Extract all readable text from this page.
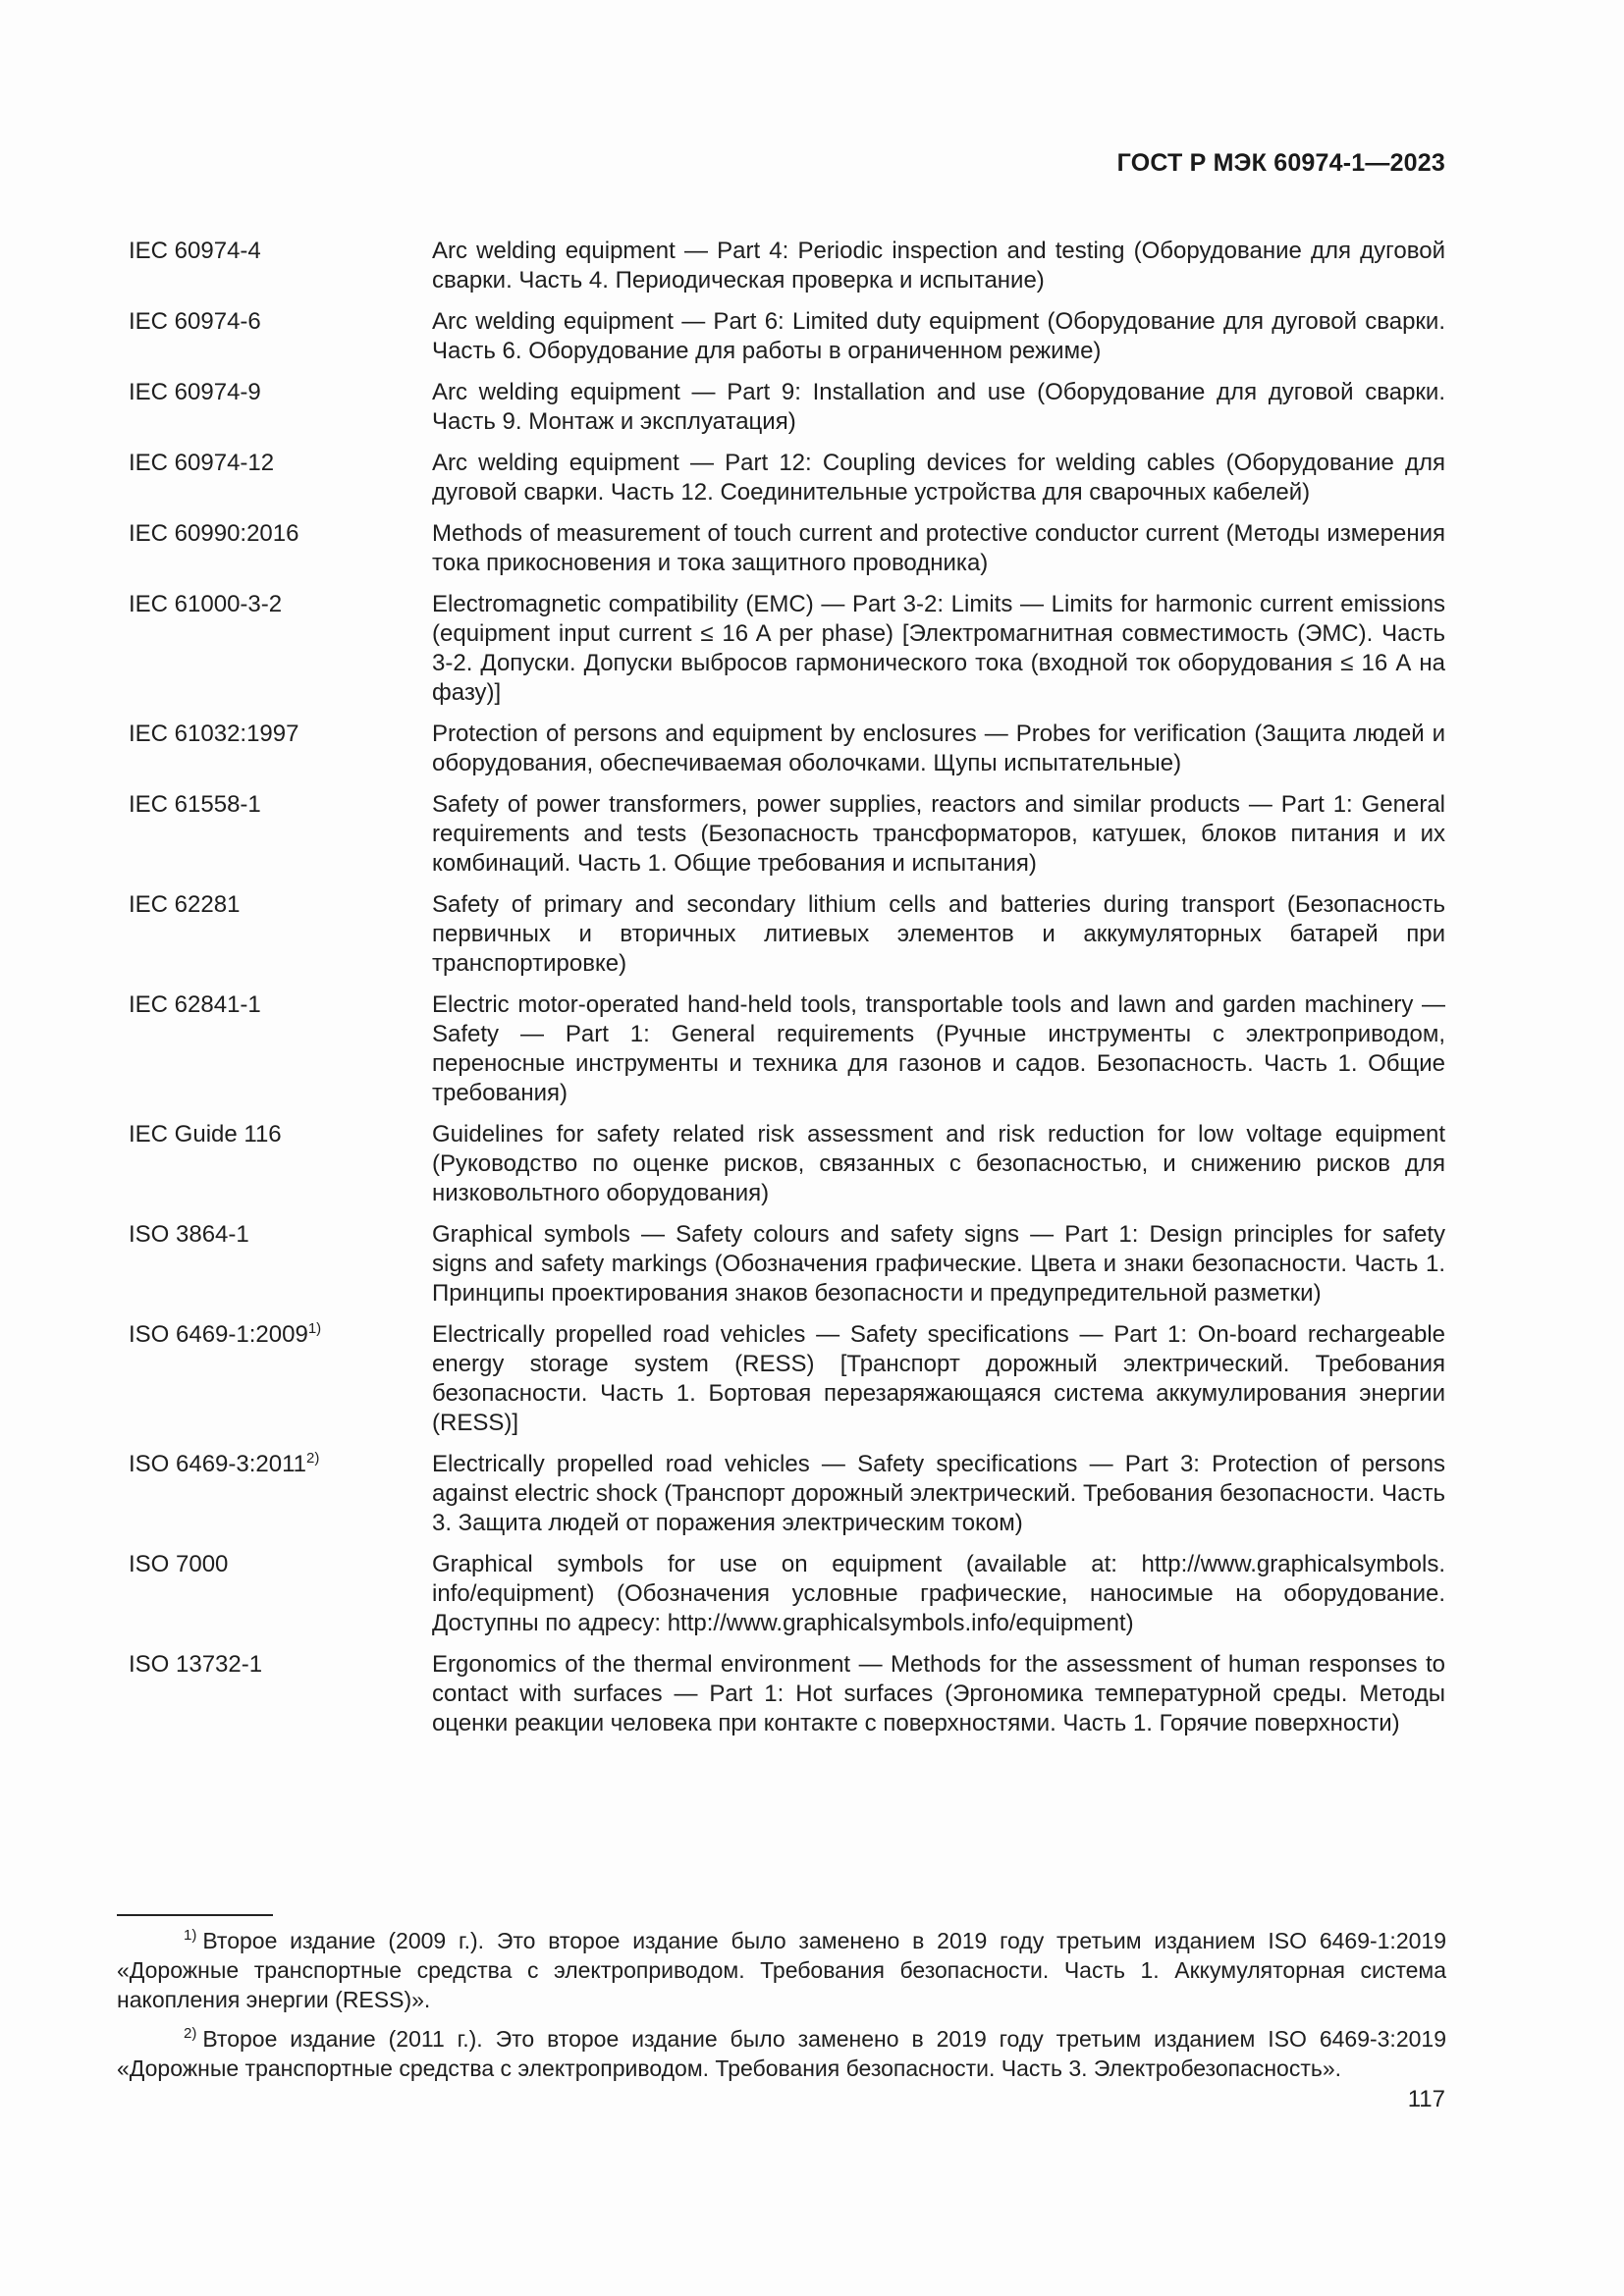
ГОСТ Р МЭК 60974-1—2023
IEC 60974-4	Arc welding equipment — Part 4: Periodic inspection and testing (Оборудование для дуговой сварки. Часть 4. Периодическая проверка и испытание)
IEC 60974-6	Arc welding equipment — Part 6: Limited duty equipment (Оборудование для дуговой сварки. Часть 6. Оборудование для работы в ограниченном режиме)
IEC 60974-9	Arc welding equipment — Part 9: Installation and use (Оборудование для дуговой сварки. Часть 9. Монтаж и эксплуатация)
IEC 60974-12	Arc welding equipment — Part 12: Coupling devices for welding cables (Оборудование для дуговой сварки. Часть 12. Соединительные устройства для сварочных кабелей)
IEC 60990:2016	Methods of measurement of touch current and protective conductor current (Методы измерения тока прикосновения и тока защитного проводника)
IEC 61000-3-2	Electromagnetic compatibility (EMC) — Part 3-2: Limits — Limits for harmonic current emissions (equipment input current ≤ 16 A per phase) [Электромагнитная совместимость (ЭМС). Часть 3-2. Допуски. Допуски выбросов гармонического тока (входной ток оборудования ≤ 16 А на фазу)]
IEC 61032:1997	Protection of persons and equipment by enclosures — Probes for verification (Защита людей и оборудования, обеспечиваемая оболочками. Щупы испытательные)
IEC 61558-1	Safety of power transformers, power supplies, reactors and similar products — Part 1: General requirements and tests (Безопасность трансформаторов, катушек, блоков питания и их комбинаций. Часть 1. Общие требования и испытания)
IEC 62281	Safety of primary and secondary lithium cells and batteries during transport (Безопасность первичных и вторичных литиевых элементов и аккумуляторных батарей при транспортировке)
IEC 62841-1	Electric motor-operated hand-held tools, transportable tools and lawn and garden machinery — Safety — Part 1: General requirements (Ручные инструменты с электроприводом, переносные инструменты и техника для газонов и садов. Безопасность. Часть 1. Общие требования)
IEC Guide 116	Guidelines for safety related risk assessment and risk reduction for low voltage equipment (Руководство по оценке рисков, связанных с безопасностью, и снижению рисков для низковольтного оборудования)
ISO 3864-1	Graphical symbols — Safety colours and safety signs — Part 1: Design principles for safety signs and safety markings (Обозначения графические. Цвета и знаки безопасности. Часть 1. Принципы проектирования знаков безопасности и предупредительной разметки)
ISO 6469-1:2009$^{1)}$	Electrically propelled road vehicles — Safety specifications — Part 1: On-board rechargeable energy storage system (RESS) [Транспорт дорожный электрический. Требования безопасности. Часть 1. Бортовая перезаряжающаяся система аккумулирования энергии (RESS)]
ISO 6469-3:2011$^{2)}$	Electrically propelled road vehicles — Safety specifications — Part 3: Protection of persons against electric shock (Транспорт дорожный электрический. Требования безопасности. Часть 3. Защита людей от поражения электрическим током)
ISO 7000	Graphical symbols for use on equipment (available at: http://www.graphicalsymbols. info/equipment) (Обозначения условные графические, наносимые на оборудование. Доступны по адресу: http://www.graphicalsymbols.info/equipment)
ISO 13732-1	Ergonomics of the thermal environment — Methods for the assessment of human responses to contact with surfaces — Part 1: Hot surfaces (Эргономика температурной среды. Методы оценки реакции человека при контакте с поверхностями. Часть 1. Горячие поверхности)
$^{1)}$ Второе издание (2009 г.). Это второе издание было заменено в 2019 году третьим изданием ISO 6469-1:2019 «Дорожные транспортные средства с электроприводом. Требования безопасности. Часть 1. Аккумуляторная система накопления энергии (RESS)».
$^{2)}$ Второе издание (2011 г.). Это второе издание было заменено в 2019 году третьим изданием ISO 6469-3:2019 «Дорожные транспортные средства с электроприводом. Требования безопасности. Часть 3. Электробезопасность».
117
